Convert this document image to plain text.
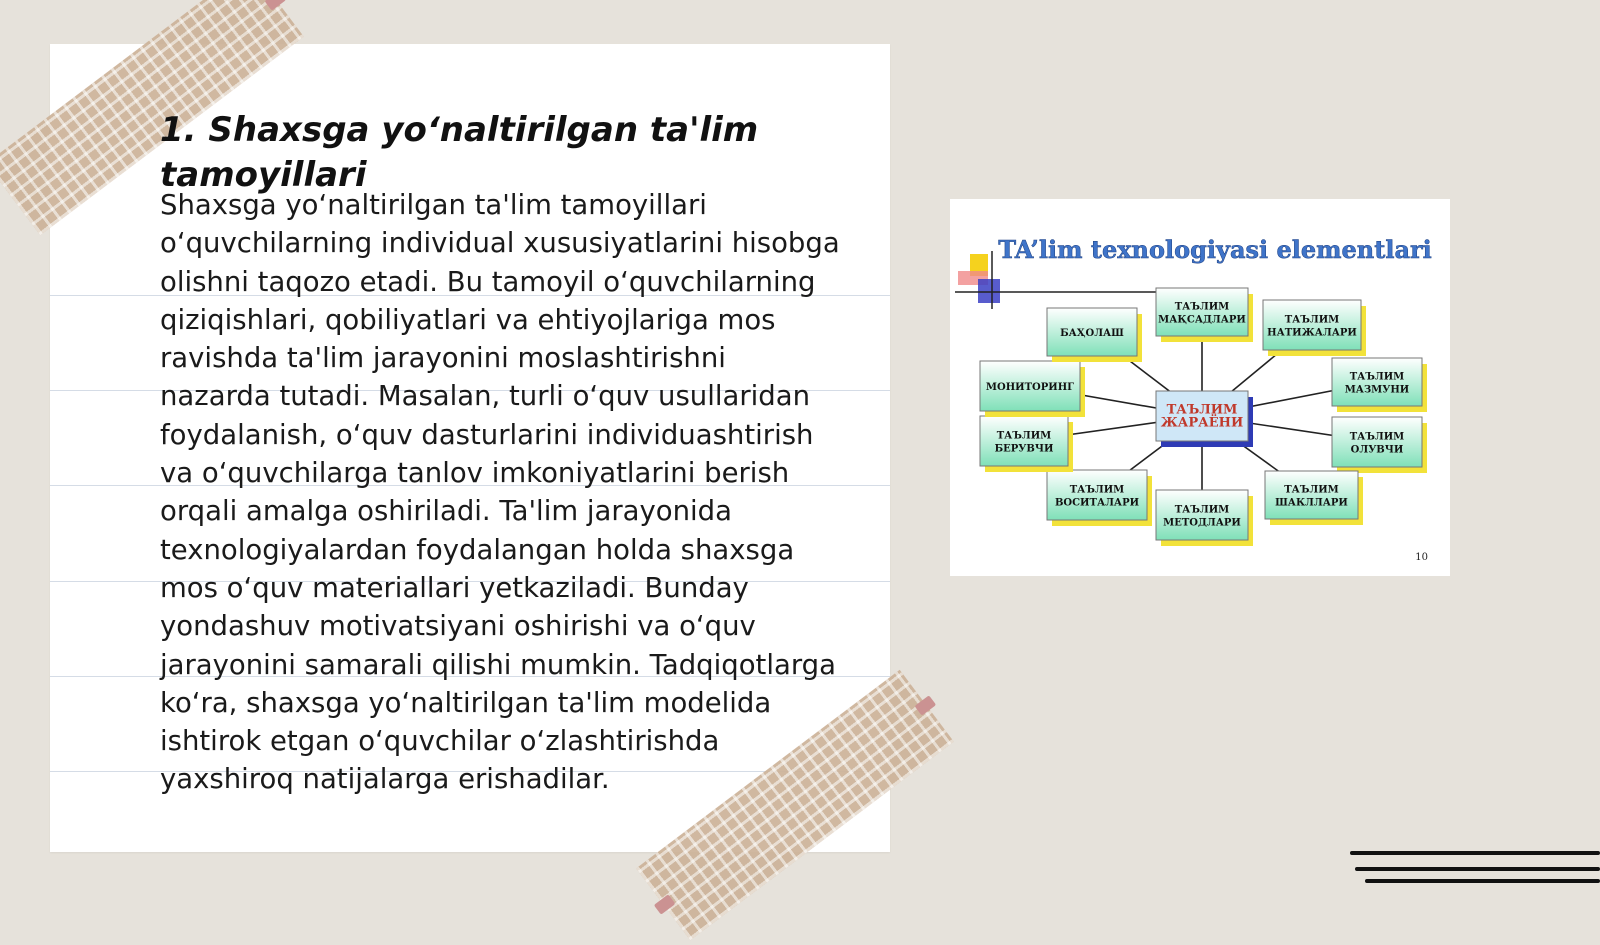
1. Shaxsga yo‘naltirilgan ta'lim tamoyillari

Shaxsga yo‘naltirilgan ta'lim tamoyillari o‘quvchilarning individual xususiyatlarini hisobga olishni taqozo etadi. Bu tamoyil o‘quvchilarning qiziqishlari, qobiliyatlari va ehtiyojlariga mos ravishda ta'lim jarayonini moslashtirishni nazarda tutadi. Masalan, turli o‘quv usullaridan foydalanish, o‘quv dasturlarini individuashtirish va o‘quvchilarga tanlov imkoniyatlarini berish orqali amalga oshiriladi. Ta'lim jarayonida texnologiyalardan foydalangan holda shaxsga mos o‘quv materiallari yetkaziladi. Bunday yondashuv motivatsiyani oshirishi va o‘quv jarayonini samarali qilishi mumkin. Tadqiqotlarga ko‘ra, shaxsga yo‘naltirilgan ta'lim modelida ishtirok etgan o‘quvchilar o‘zlashtirishda yaxshiroq natijalarga erishadilar.

TA’lim texnologiyasi elementlari
ТАЪЛИМ
МАҚСАДЛАРИ	ТАЪЛИМ
НАТИЖАЛАРИ
ТАЪЛИМ
МАЗМУНИ
ТАЪЛИМ
ОЛУВЧИ
ТАЪЛИМ
ШАКЛЛАРИ
ТАЪЛИМ
МЕТОДЛАРИ
ТАЪЛИМ
ВОСИТАЛАРИ
ТАЪЛИМ
БЕРУВЧИ
МОНИТОРИНГ
БАҲОЛАШ
ТАЪЛИМ
ЖАРАЁНИ
10
